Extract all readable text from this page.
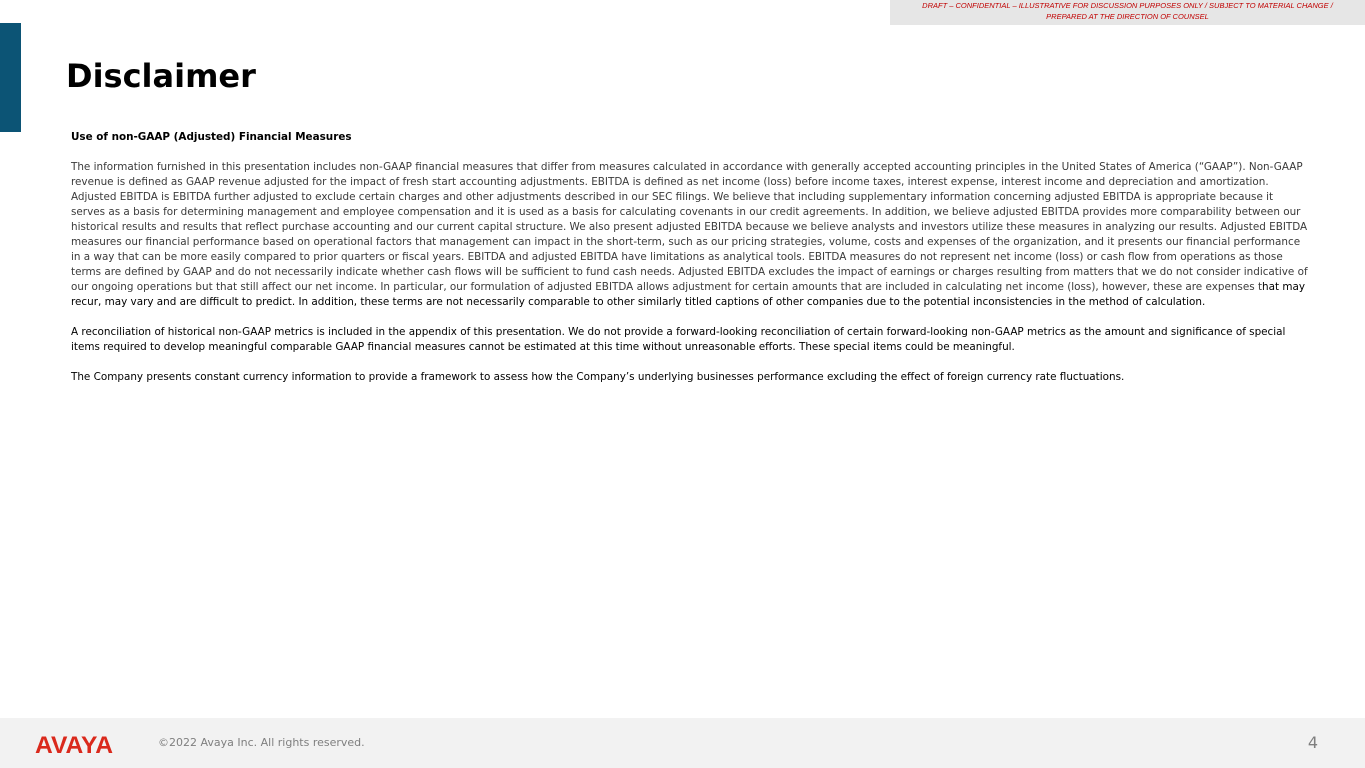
DRAFT – CONFIDENTIAL – ILLUSTRATIVE FOR DISCUSSION PURPOSES ONLY / SUBJECT TO MATERIAL CHANGE /
PREPARED AT THE DIRECTION OF COUNSEL
Disclaimer
Use of non-GAAP (Adjusted) Financial Measures

The information furnished in this presentation includes non-GAAP financial measures that differ from measures calculated in accordance with generally accepted accounting principles in the United States of America (“GAAP”). Non-GAAP revenue is defined as GAAP revenue adjusted for the impact of fresh start accounting adjustments. EBITDA is defined as net income (loss) before income taxes, interest expense, interest income and depreciation and amortization. Adjusted EBITDA is EBITDA further adjusted to exclude certain charges and other adjustments described in our SEC filings. We believe that including supplementary information concerning adjusted EBITDA is appropriate because it serves as a basis for determining management and employee compensation and it is used as a basis for calculating covenants in our credit agreements. In addition, we believe adjusted EBITDA provides more comparability between our historical results and results that reflect purchase accounting and our current capital structure. We also present adjusted EBITDA because we believe analysts and investors utilize these measures in analyzing our results. Adjusted EBITDA measures our financial performance based on operational factors that management can impact in the short-term, such as our pricing strategies, volume, costs and expenses of the organization, and it presents our financial performance in a way that can be more easily compared to prior quarters or fiscal years. EBITDA and adjusted EBITDA have limitations as analytical tools. EBITDA measures do not represent net income (loss) or cash flow from operations as those terms are defined by GAAP and do not necessarily indicate whether cash flows will be sufficient to fund cash needs. Adjusted EBITDA excludes the impact of earnings or charges resulting from matters that we do not consider indicative of our ongoing operations but that still affect our net income. In particular, our formulation of adjusted EBITDA allows adjustment for certain amounts that are included in calculating net income (loss), however, these are expenses that may recur, may vary and are difficult to predict. In addition, these terms are not necessarily comparable to other similarly titled captions of other companies due to the potential inconsistencies in the method of calculation.

A reconciliation of historical non-GAAP metrics is included in the appendix of this presentation. We do not provide a forward-looking reconciliation of certain forward-looking non-GAAP metrics as the amount and significance of special items required to develop meaningful comparable GAAP financial measures cannot be estimated at this time without unreasonable efforts. These special items could be meaningful.

The Company presents constant currency information to provide a framework to assess how the Company’s underlying businesses performance excluding the effect of foreign currency rate fluctuations.

AVAYA	©2022 Avaya Inc. All rights reserved.	4
